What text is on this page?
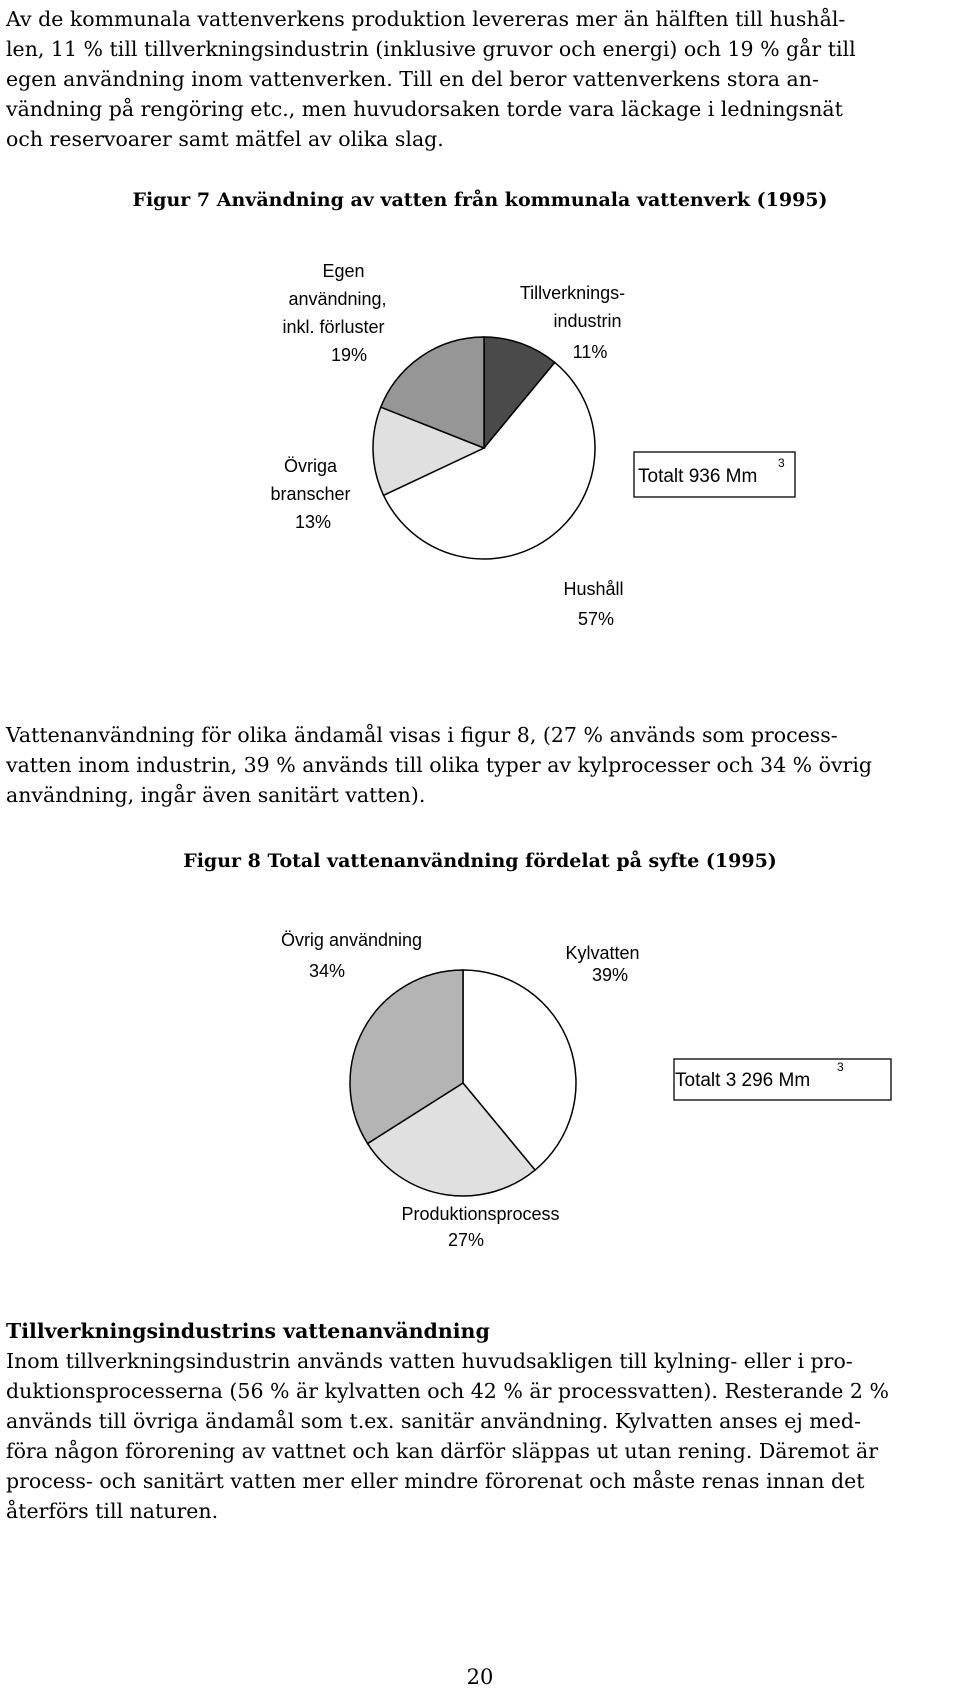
Av de kommunala vattenverkens produktion levereras mer än hälften till hushål-
len, 11 % till tillverkningsindustrin (inklusive gruvor och energi) och 19 % går till
egen användning inom vattenverken. Till en del beror vattenverkens stora an-
vändning på rengöring etc., men huvudorsaken torde vara läckage i ledningsnät
och reservoarer samt mätfel av olika slag.
Figur 7 Användning av vatten från kommunala vattenverk (1995)
Egen användning, inkl. förluster 19%
Tillverknings- industrin 11%
Övriga branscher 13%
Hushåll 57%
Totalt 936 Mm
3
Vattenanvändning för olika ändamål visas i figur 8, (27 % används som process-
vatten inom industrin, 39 % används till olika typer av kylprocesser och 34 % övrig
användning, ingår även sanitärt vatten).
Figur 8 Total vattenanvändning fördelat på syfte (1995)
Övrig användning 34%
Kylvatten 39%
Produktionsprocess 27%
Totalt 3 296 Mm
3
Tillverkningsindustrins vattenanvändning
Inom tillverkningsindustrin används vatten huvudsakligen till kylning- eller i pro-
duktionsprocesserna (56 % är kylvatten och 42 % är processvatten). Resterande 2 %
används till övriga ändamål som t.ex. sanitär användning. Kylvatten anses ej med-
föra någon förorening av vattnet och kan därför släppas ut utan rening. Däremot är
process- och sanitärt vatten mer eller mindre förorenat och måste renas innan det
återförs till naturen.
20
